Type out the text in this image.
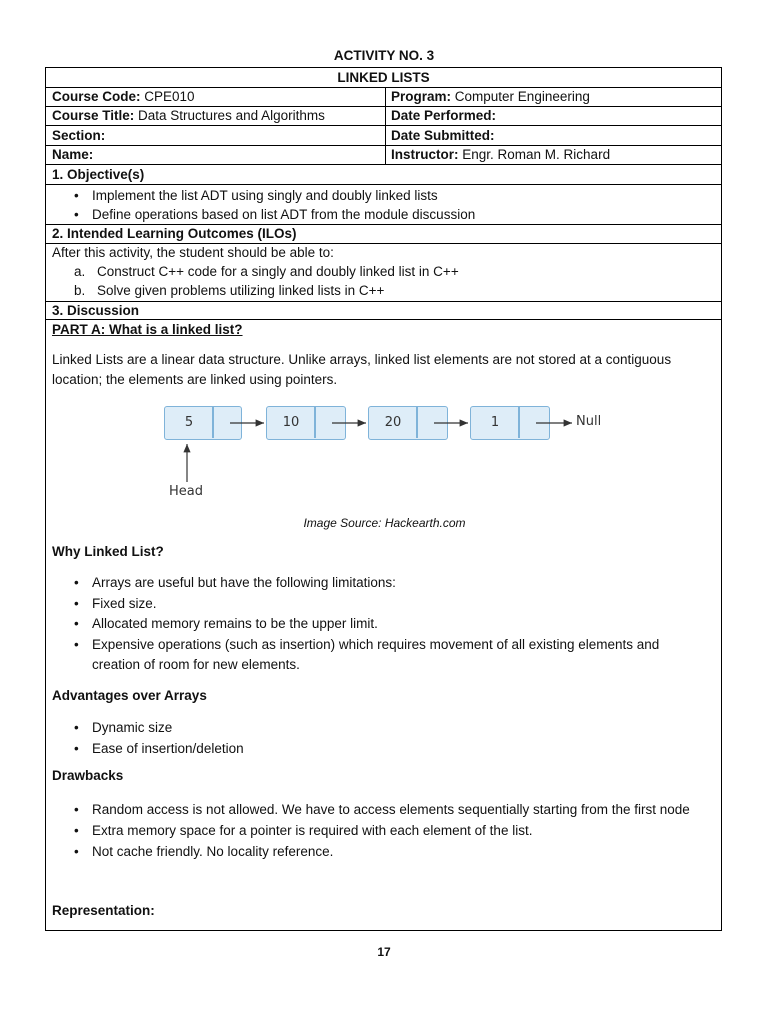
ACTIVITY NO. 3
LINKED LISTS
Course Code: CPE010	Program: Computer Engineering
Course Title: Data Structures and Algorithms	Date Performed:
Section:	Date Submitted:
Name:	Instructor: Engr. Roman M. Richard
1. Objective(s)
• Implement the list ADT using singly and doubly linked lists
• Define operations based on list ADT from the module discussion
2. Intended Learning Outcomes (ILOs)
After this activity, the student should be able to:
a. Construct C++ code for a singly and doubly linked list in C++
b. Solve given problems utilizing linked lists in C++
3. Discussion
PART A: What is a linked list?
Linked Lists are a linear data structure. Unlike arrays, linked list elements are not stored at a contiguous
location; the elements are linked using pointers.
5	10	20	1	Null
Head
Image Source: Hackearth.com
Why Linked List?
• Arrays are useful but have the following limitations:
• Fixed size.
• Allocated memory remains to be the upper limit.
• Expensive operations (such as insertion) which requires movement of all existing elements and
creation of room for new elements.
Advantages over Arrays
• Dynamic size
• Ease of insertion/deletion
Drawbacks
• Random access is not allowed. We have to access elements sequentially starting from the first node
• Extra memory space for a pointer is required with each element of the list.
• Not cache friendly. No locality reference.
Representation:
17
